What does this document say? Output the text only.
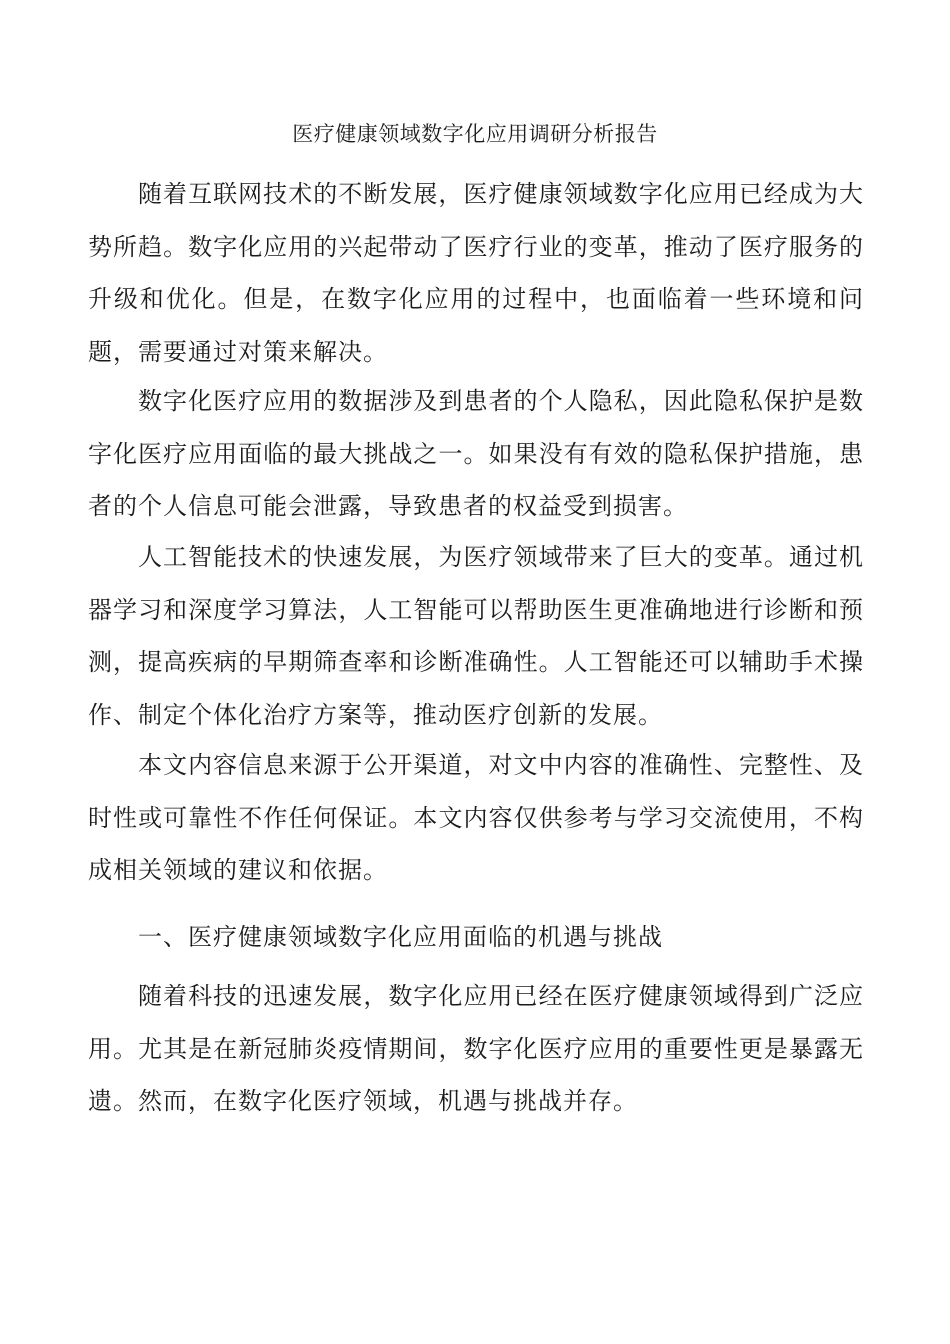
医疗健康领域数字化应用调研分析报告

随着互联网技术的不断发展，医疗健康领域数字化应用已经成为大势所趋。数字化应用的兴起带动了医疗行业的变革，推动了医疗服务的升级和优化。但是，在数字化应用的过程中，也面临着一些环境和问题，需要通过对策来解决。

数字化医疗应用的数据涉及到患者的个人隐私，因此隐私保护是数字化医疗应用面临的最大挑战之一。如果没有有效的隐私保护措施，患者的个人信息可能会泄露，导致患者的权益受到损害。

人工智能技术的快速发展，为医疗领域带来了巨大的变革。通过机器学习和深度学习算法，人工智能可以帮助医生更准确地进行诊断和预测，提高疾病的早期筛查率和诊断准确性。人工智能还可以辅助手术操作、制定个体化治疗方案等，推动医疗创新的发展。

本文内容信息来源于公开渠道，对文中内容的准确性、完整性、及时性或可靠性不作任何保证。本文内容仅供参考与学习交流使用，不构成相关领域的建议和依据。

一、医疗健康领域数字化应用面临的机遇与挑战

随着科技的迅速发展，数字化应用已经在医疗健康领域得到广泛应用。尤其是在新冠肺炎疫情期间，数字化医疗应用的重要性更是暴露无遗。然而，在数字化医疗领域，机遇与挑战并存。
